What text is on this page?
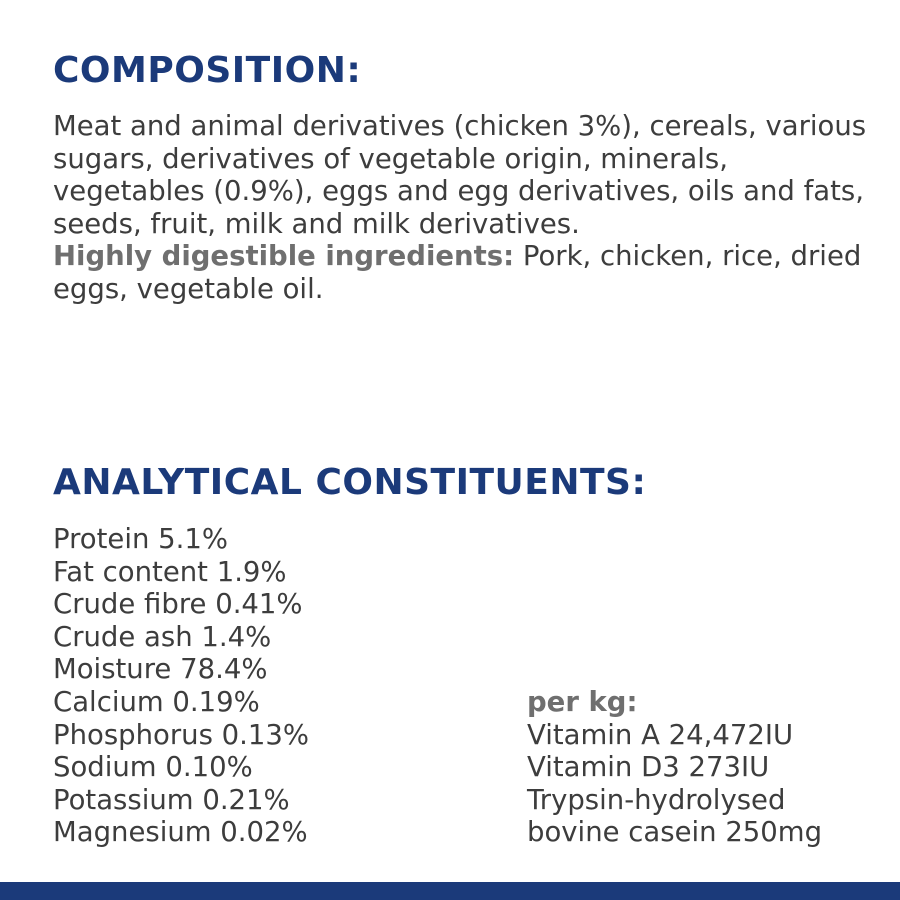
COMPOSITION:

Meat and animal derivatives (chicken 3%), cereals, various sugars, derivatives of vegetable origin, minerals, vegetables (0.9%), eggs and egg derivatives, oils and fats, seeds, fruit, milk and milk derivatives.
Highly digestible ingredients: Pork, chicken, rice, dried eggs, vegetable oil.

ANALYTICAL CONSTITUENTS:
Protein 5.1%
Fat content 1.9%
Crude fibre 0.41%
Crude ash 1.4%
Moisture 78.4%
Calcium 0.19%
Phosphorus 0.13%
Sodium 0.10%
Potassium 0.21%
Magnesium 0.02%
per kg:
Vitamin A 24,472IU
Vitamin D3 273IU
Trypsin-hydrolysed
bovine casein 250mg
